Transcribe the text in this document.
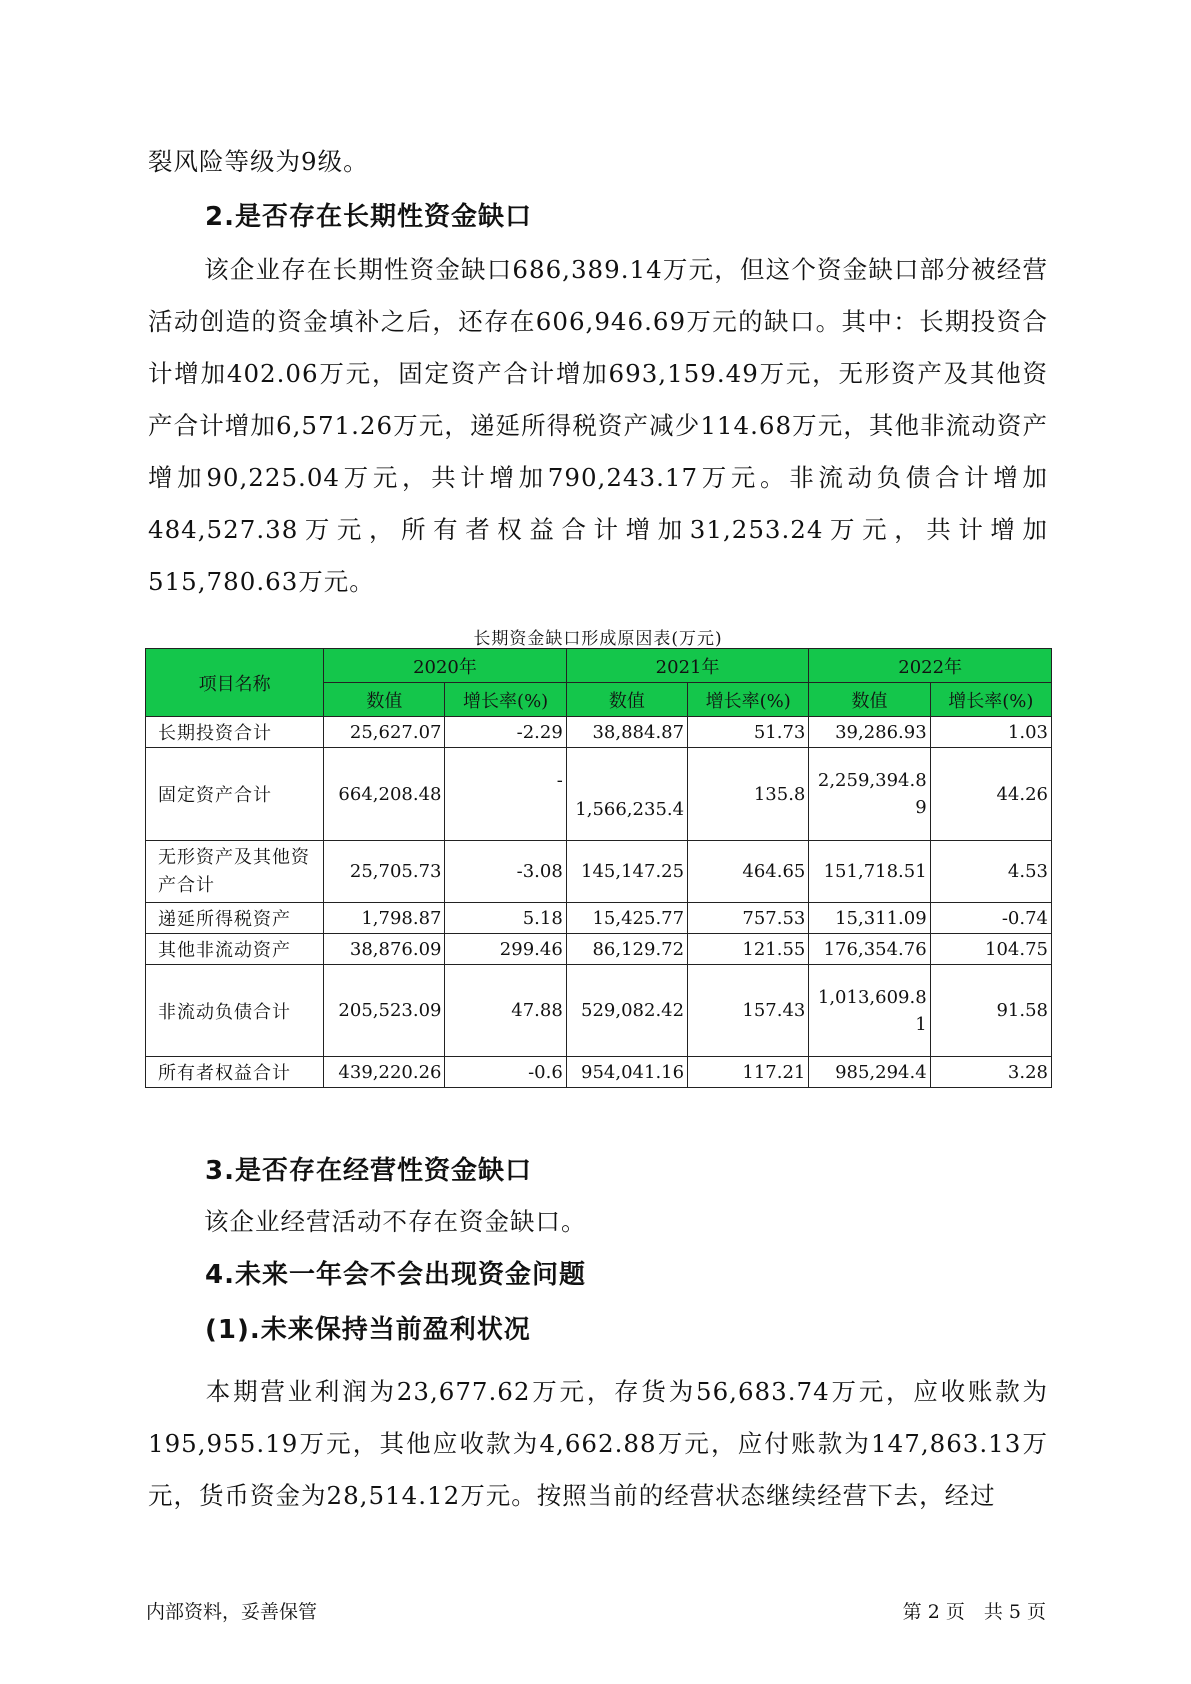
裂风险等级为9级。

2.是否存在长期性资金缺口

该企业存在长期性资金缺口686,389.14万元，但这个资金缺口部分被经营活动创造的资金填补之后，还存在606,946.69万元的缺口。其中：长期投资合计增加402.06万元，固定资产合计增加693,159.49万元，无形资产及其他资产合计增加6,571.26万元，递延所得税资产减少114.68万元，其他非流动资产增加90,225.04万元，共计增加790,243.17万元。非流动负债合计增加484,527.38万元，所有者权益合计增加31,253.24万元，共计增加515,780.63万元。

长期资金缺口形成原因表(万元)
项目名称	2020年		2021年		2022年	
	数值	增长率(%)	数值	增长率(%)	数值	增长率(%)
长期投资合计	25,627.07	-2.29	38,884.87	51.73	39,286.93	1.03
固定资产合计	664,208.48	-	1,566,235.4	135.8	2,259,394.89	44.26
无形资产及其他资产合计	25,705.73	-3.08	145,147.25	464.65	151,718.51	4.53
递延所得税资产	1,798.87	5.18	15,425.77	757.53	15,311.09	-0.74
其他非流动资产	38,876.09	299.46	86,129.72	121.55	176,354.76	104.75
非流动负债合计	205,523.09	47.88	529,082.42	157.43	1,013,609.81	91.58
所有者权益合计	439,220.26	-0.6	954,041.16	117.21	985,294.4	3.28
3.是否存在经营性资金缺口

该企业经营活动不存在资金缺口。

4.未来一年会不会出现资金问题
(1).未来保持当前盈利状况

本期营业利润为23,677.62万元，存货为56,683.74万元，应收账款为195,955.19万元，其他应收款为4,662.88万元，应付账款为147,863.13万元，货币资金为28,514.12万元。按照当前的经营状态继续经营下去，经过

内部资料，妥善保管	第 2 页　共 5 页
